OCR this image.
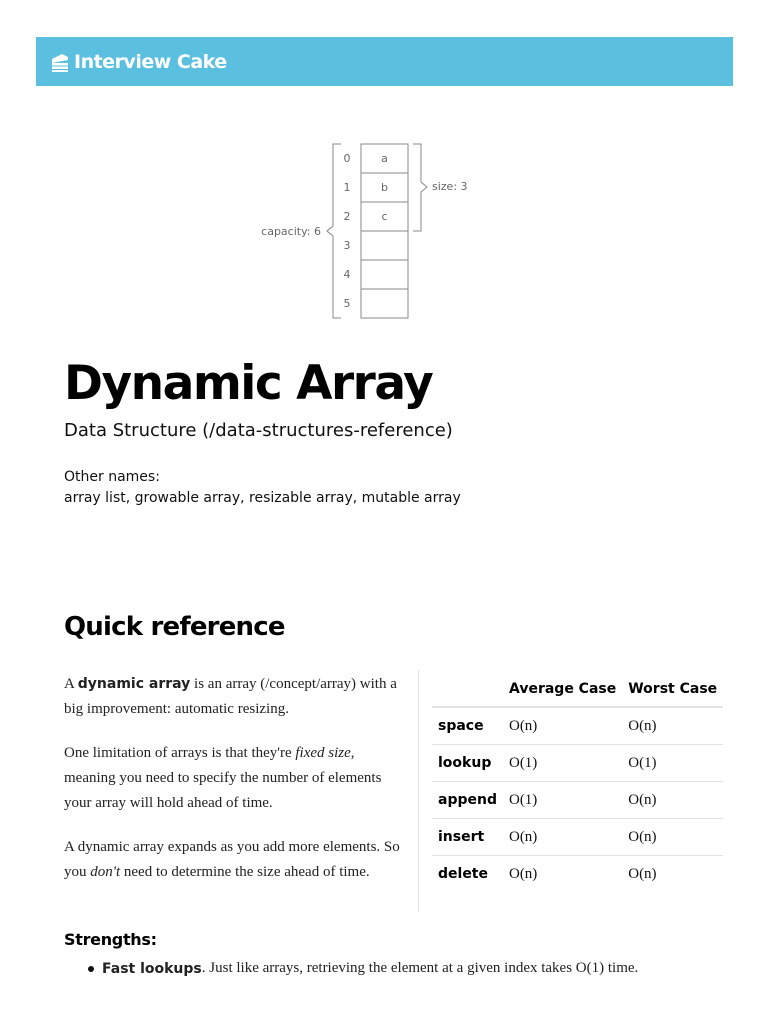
Interview Cake
a
b
c
0
1
2
3
4
5
capacity: 6
size: 3
Dynamic Array
Data Structure (/data-structures-reference)
Other names:
array list, growable array, resizable array, mutable array
Quick reference
A dynamic array is an array (/concept/array) with a big improvement: automatic resizing.
One limitation of arrays is that they're fixed size, meaning you need to specify the number of elements your array will hold ahead of time.
A dynamic array expands as you add more elements. So you don't need to determine the size ahead of time.
	Average Case	Worst Case
space	O(n)	O(n)
lookup	O(1)	O(1)
append	O(1)	O(n)
insert	O(n)	O(n)
delete	O(n)	O(n)
Strengths:
Fast lookups . Just like arrays, retrieving the element at a given index takes O(1) time.
